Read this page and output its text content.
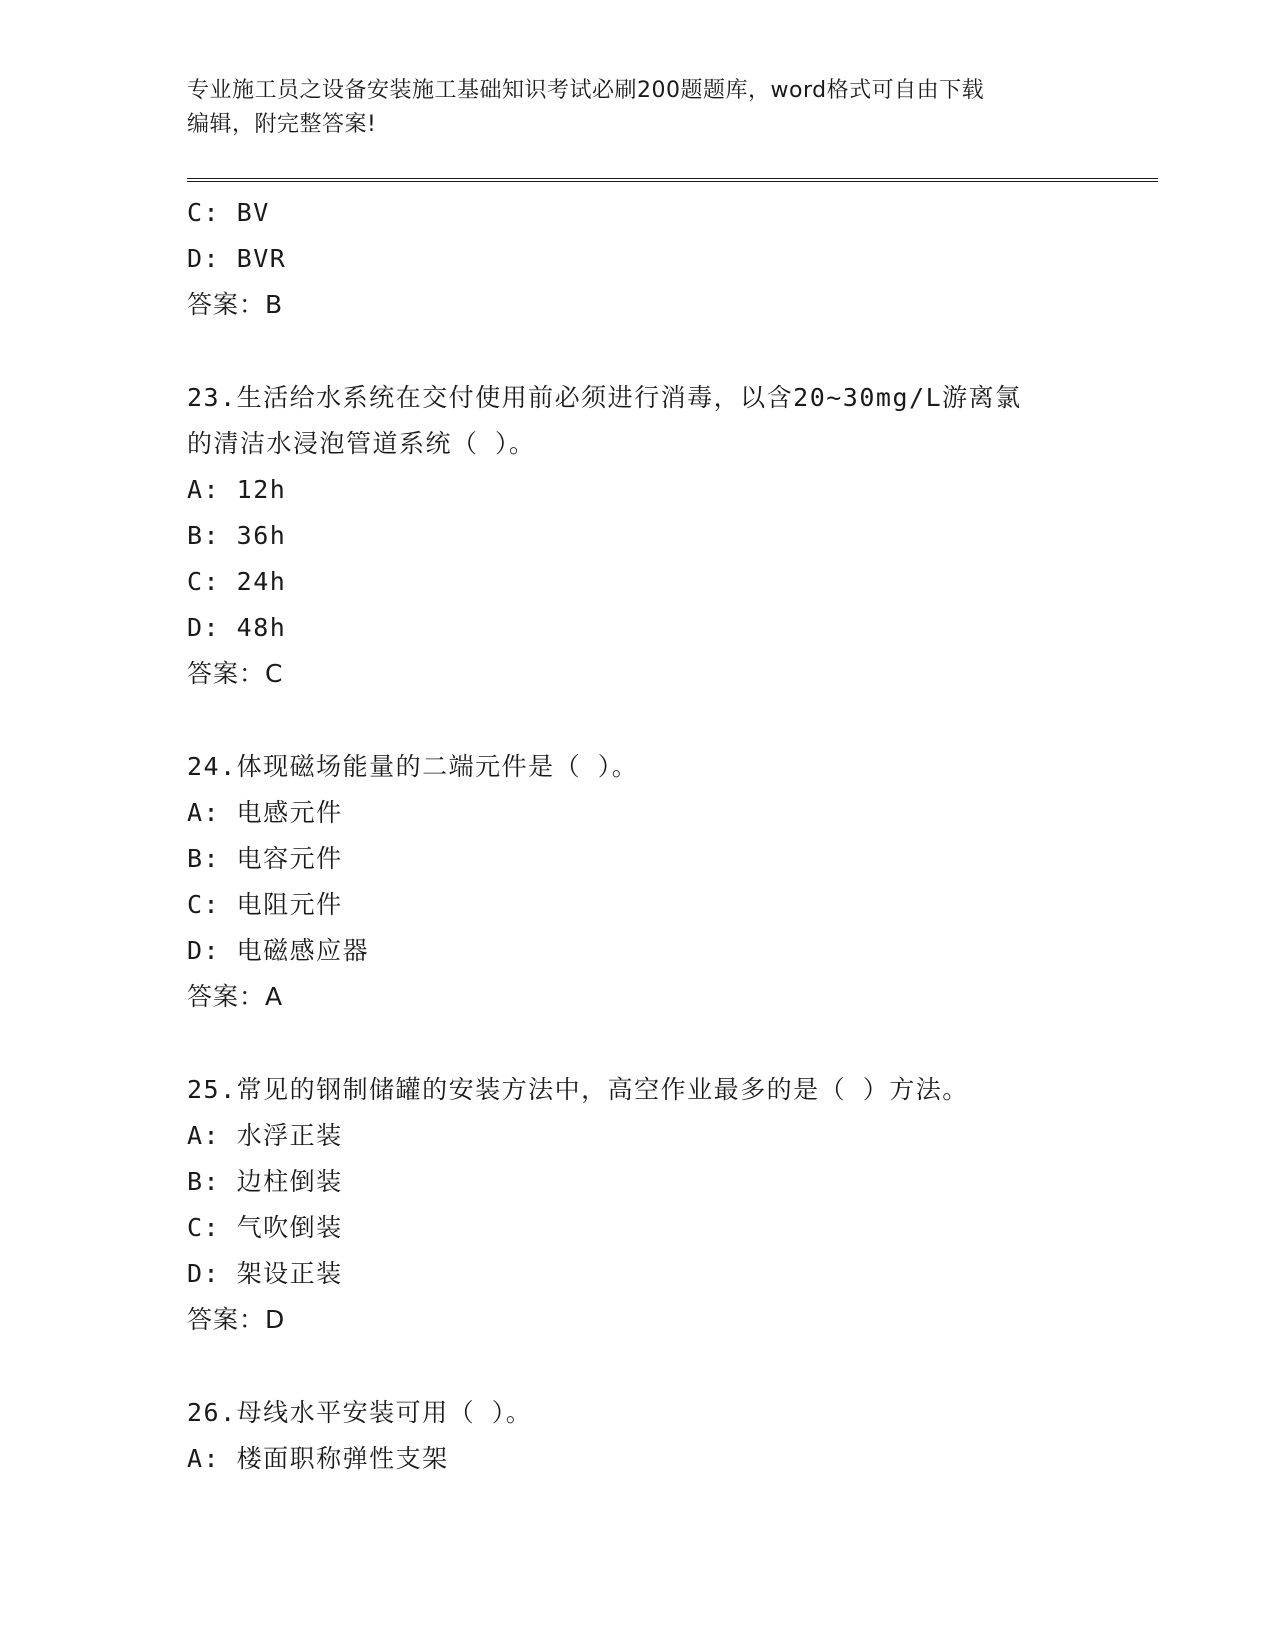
专业施工员之设备安装施工基础知识考试必刷200题题库，word格式可自由下载
编辑，附完整答案!
C: BV
D: BVR
答案：B
23.生活给水系统在交付使用前必须进行消毒，以含20~30mg/L游离氯
的清洁水浸泡管道系统（ ）。
A: 12h
B: 36h
C: 24h
D: 48h
答案：C
24.体现磁场能量的二端元件是（ ）。
A: 电感元件
B: 电容元件
C: 电阻元件
D: 电磁感应器
答案：A
25.常见的钢制储罐的安装方法中，高空作业最多的是（ ）方法。
A: 水浮正装
B: 边柱倒装
C: 气吹倒装
D: 架设正装
答案：D
26.母线水平安装可用（ ）。
A: 楼面职称弹性支架
